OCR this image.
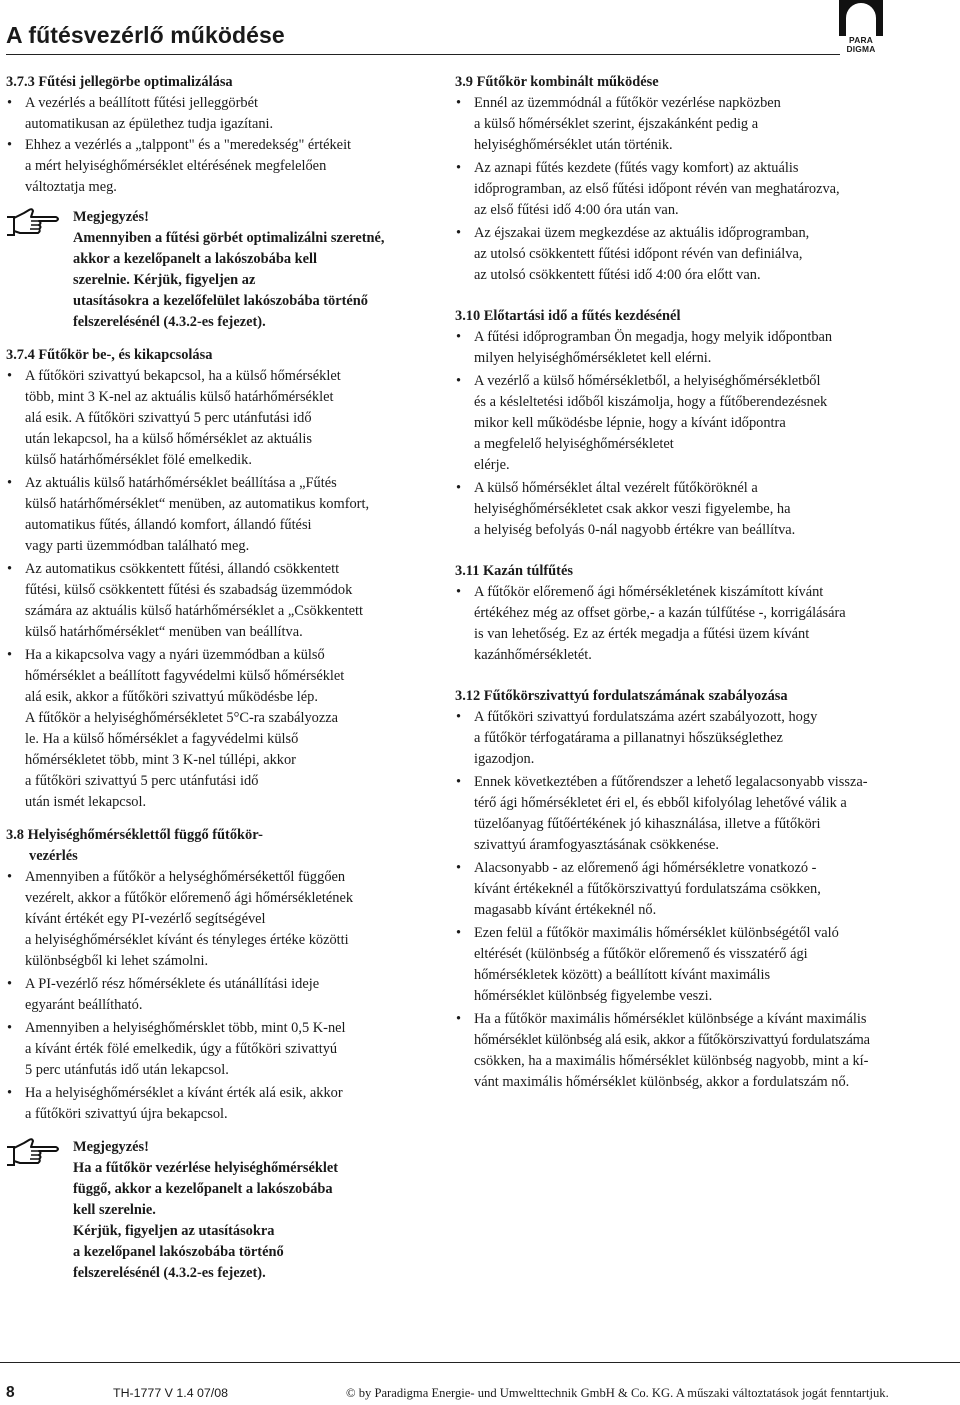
A fűtésvezérlő működése	PARA
DIGMA
3.7.3 Fűtési jellegörbe optimalizálása
• A vezérlés a beállított fűtési jelleggörbét
automatikusan az épülethez tudja igazítani.
• Ehhez a vezérlés a „talppont" és a "meredekség" értékeit
a mért helyiséghőmérséklet eltérésének megfelelően
változtatja meg.
Megjegyzés!
Amennyiben a fűtési görbét optimalizálni szeretné,
akkor a kezelőpanelt a lakószobába kell
szerelnie. Kérjük, figyeljen az
utasításokra a kezelőfelület lakószobába történő
felszerelésénél (4.3.2-es fejezet).
3.7.4 Fűtőkör be-, és kikapcsolása
• A fűtőköri szivattyú bekapcsol, ha a külső hőmérséklet
több, mint 3 K-nel az aktuális külső határhőmérséklet
alá esik. A fűtőköri szivattyú 5 perc utánfutási idő
után lekapcsol, ha a külső hőmérséklet az aktuális
külső határhőmérséklet fölé emelkedik.
• Az aktuális külső határhőmérséklet beállítása a „Fűtés
külső határhőmérséklet“ menüben, az automatikus komfort,
automatikus fűtés, állandó komfort, állandó fűtési
vagy parti üzemmódban található meg.
• Az automatikus csökkentett fűtési, állandó csökkentett
fűtési, külső csökkentett fűtési és szabadság üzemmódok
számára az aktuális külső határhőmérséklet a „Csökkentett
külső határhőmérséklet“ menüben van beállítva.
• Ha a kikapcsolva vagy a nyári üzemmódban a külső
hőmérséklet a beállított fagyvédelmi külső hőmérséklet
alá esik, akkor a fűtőköri szivattyú működésbe lép.
A fűtőkör a helyiséghőmérsékletet 5°C-ra szabályozza
le. Ha a külső hőmérséklet a fagyvédelmi külső
hőmérsékletet több, mint 3 K-nel túllépi, akkor
a fűtőköri szivattyú 5 perc utánfutási idő
után ismét lekapcsol.
3.8 Helyiséghőmérséklettől függő fűtőkör-
vezérlés
• Amennyiben a fűtőkör a helységhőmérsékettől függően
vezérelt, akkor a fűtőkör előremenő ági hőmérsékletének
kívánt értékét egy PI-vezérlő segítségével
a helyiséghőmérséklet kívánt és tényleges értéke közötti
különbségből ki lehet számolni.
• A PI-vezérlő rész hőmérséklete és utánállítási ideje
egyaránt beállítható.
• Amennyiben a helyiséghőmérsklet több, mint 0,5 K-nel
a kívánt érték fölé emelkedik, úgy a fűtőköri szivattyú
5 perc utánfutás idő után lekapcsol.
• Ha a helyiséghőmérséklet a kívánt érték alá esik, akkor
a fűtőköri szivattyú újra bekapcsol.
Megjegyzés!
Ha a fűtőkör vezérlése helyiséghőmérséklet
függő, akkor a kezelőpanelt a lakószobába
kell szerelnie.
Kérjük, figyeljen az utasításokra
a kezelőpanel lakószobába történő
felszerelésénél (4.3.2-es fejezet).
3.9 Fűtőkör kombinált működése
• Ennél az üzemmódnál a fűtőkör vezérlése napközben
a külső hőmérséklet szerint, éjszakánként pedig a
helyiséghőmérséklet után történik.
• Az aznapi fűtés kezdete (fűtés vagy komfort) az aktuális
időprogramban, az első fűtési időpont révén van meghatározva,
az első fűtési idő 4:00 óra után van.
• Az éjszakai üzem megkezdése az aktuális időprogramban,
az utolsó csökkentett fűtési időpont révén van definiálva,
az utolsó csökkentett fűtési idő 4:00 óra előtt van.
3.10 Előtartási idő a fűtés kezdésénél
• A fűtési időprogramban Ön megadja, hogy melyik időpontban
milyen helyiséghőmérsékletet kell elérni.
• A vezérlő a külső hőmérsékletből, a helyiséghőmérsékletből
és a késleltetési időből kiszámolja, hogy a fűtőberendezésnek
mikor kell működésbe lépnie, hogy a kívánt időpontra
a megfelelő helyiséghőmérsékletet
elérje.
• A külső hőmérséklet által vezérelt fűtőköröknél a
helyiséghőmérsékletet csak akkor veszi figyelembe, ha
a helyiség befolyás 0-nál nagyobb értékre van beállítva.
3.11 Kazán túlfűtés
• A fűtőkör előremenő ági hőmérsékletének kiszámított kívánt
értékéhez még az offset görbe,- a kazán túlfűtése -, korrigálására
is van lehetőség. Ez az érték megadja a fűtési üzem kívánt
kazánhőmérsékletét.
3.12 Fűtőkörszivattyú fordulatszámának szabályozása
• A fűtőköri szivattyú fordulatszáma azért szabályozott, hogy
a fűtőkör térfogatárama a pillanatnyi hőszükséglethez
igazodjon.
• Ennek következtében a fűtőrendszer a lehető legalacsonyabb vissza-
térő ági hőmérsékletet éri el, és ebből kifolyólag lehetővé válik a
tüzelőanyag fűtőértékének jó kihasználása, illetve a fűtőköri
szivattyú áramfogyasztásának csökkenése.
• Alacsonyabb - az előremenő ági hőmérsékletre vonatkozó -
kívánt értékeknél a fűtőkörszivattyú fordulatszáma csökken,
magasabb kívánt értékeknél nő.
• Ezen felül a fűtőkör maximális hőmérséklet különbségétől való
eltérését (különbség a fűtőkör előremenő és visszatérő ági
hőmérsékletek között) a beállított kívánt maximális
hőmérséklet különbség figyelembe veszi.
• Ha a fűtőkör maximális hőmérséklet különbsége a kívánt maximális
hőmérséklet különbség alá esik, akkor a fűtőkörszivattyú fordulatszáma
csökken, ha a maximális hőmérséklet különbség nagyobb, mint a kí-
vánt maximális hőmérséklet különbség, akkor a fordulatszám nő.
8	TH-1777 V 1.4 07/08	© by Paradigma Energie- und Umwelttechnik GmbH & Co. KG. A műszaki változtatások jogát fenntartjuk.
